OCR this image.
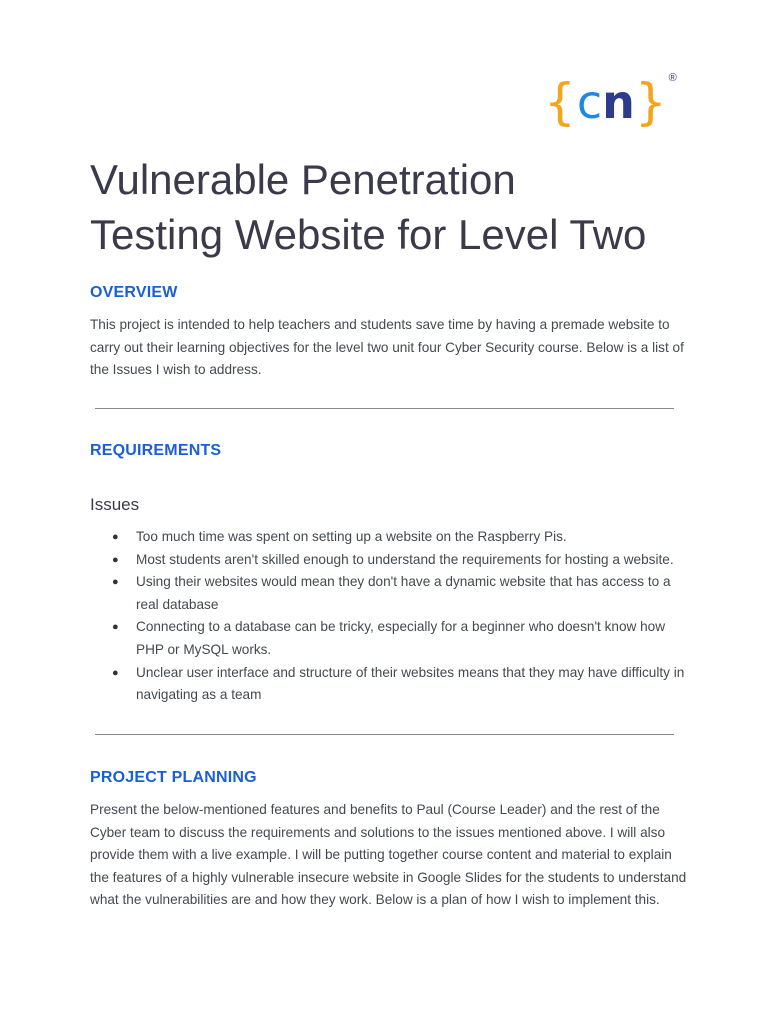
{ c n } ®
Vulnerable Penetration
Testing Website for Level Two
OVERVIEW

This project is intended to help teachers and students save time by having a premade website to carry out their learning objectives for the level two unit four Cyber Security course. Below is a list of the Issues I wish to address.

REQUIREMENTS
Issues
● Too much time was spent on setting up a website on the Raspberry Pis.
● Most students aren't skilled enough to understand the requirements for hosting a website.
● Using their websites would mean they don't have a dynamic website that has access to a real database
● Connecting to a database can be tricky, especially for a beginner who doesn't know how PHP or MySQL works.
● Unclear user interface and structure of their websites means that they may have difficulty in navigating as a team
PROJECT PLANNING

Present the below-mentioned features and benefits to Paul (Course Leader) and the rest of the Cyber team to discuss the requirements and solutions to the issues mentioned above. I will also provide them with a live example. I will be putting together course content and material to explain the features of a highly vulnerable insecure website in Google Slides for the students to understand what the vulnerabilities are and how they work. Below is a plan of how I wish to implement this.
